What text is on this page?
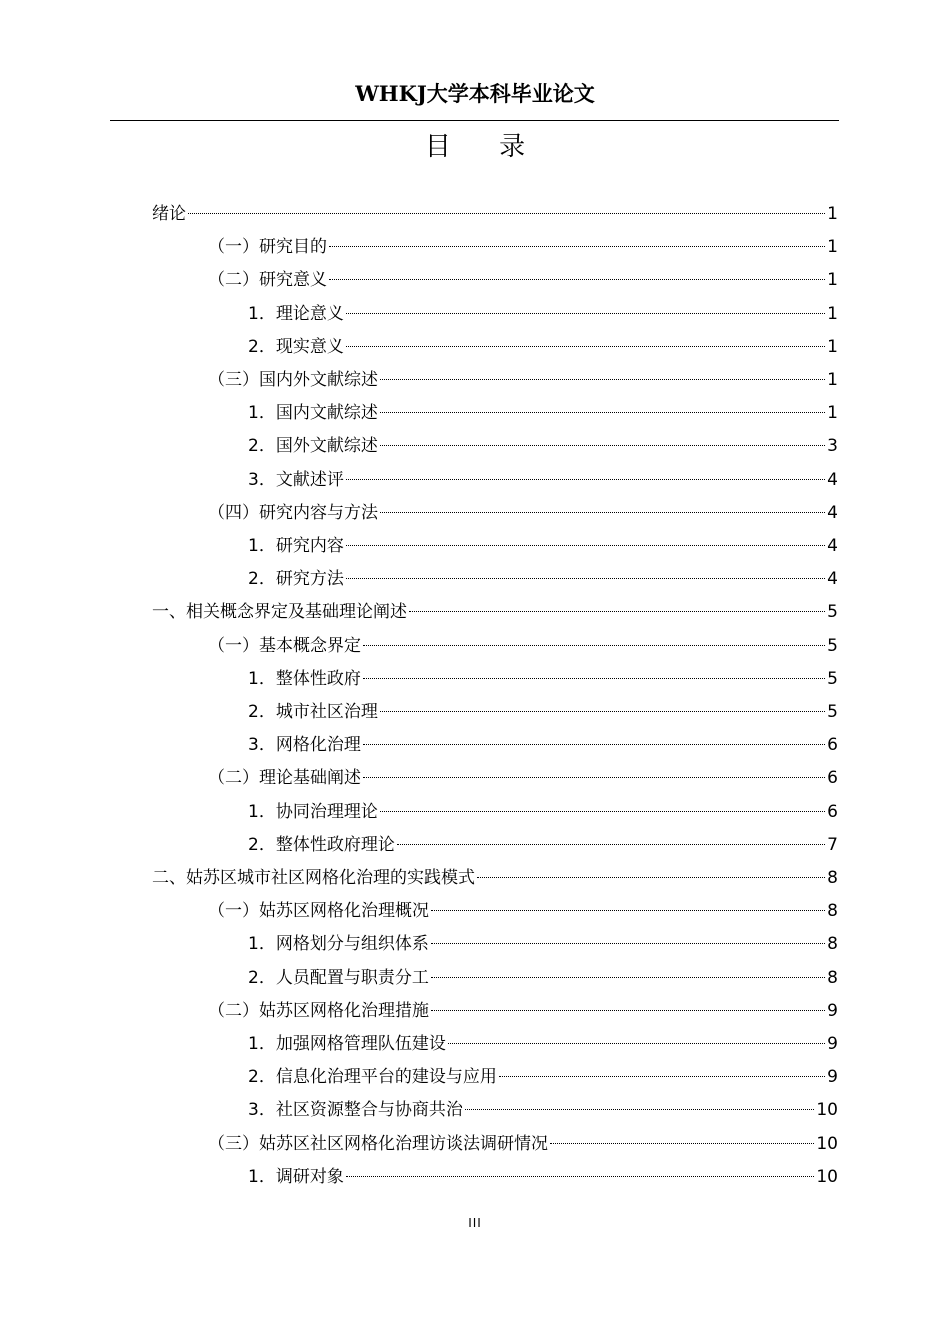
WHKJ大学本科毕业论文
目 录
绪论	1
（一）研究目的	1
（二）研究意义	1
1．理论意义	1
2．现实意义	1
（三）国内外文献综述	1
1．国内文献综述	1
2．国外文献综述	3
3．文献述评	4
（四）研究内容与方法	4
1．研究内容	4
2．研究方法	4
一、相关概念界定及基础理论阐述	5
（一）基本概念界定	5
1．整体性政府	5
2．城市社区治理	5
3．网格化治理	6
（二）理论基础阐述	6
1．协同治理理论	6
2．整体性政府理论	7
二、姑苏区城市社区网格化治理的实践模式	8
（一）姑苏区网格化治理概况	8
1．网格划分与组织体系	8
2．人员配置与职责分工	8
（二）姑苏区网格化治理措施	9
1．加强网格管理队伍建设	9
2．信息化治理平台的建设与应用	9
3．社区资源整合与协商共治	10
（三）姑苏区社区网格化治理访谈法调研情况	10
1．调研对象	10
III
